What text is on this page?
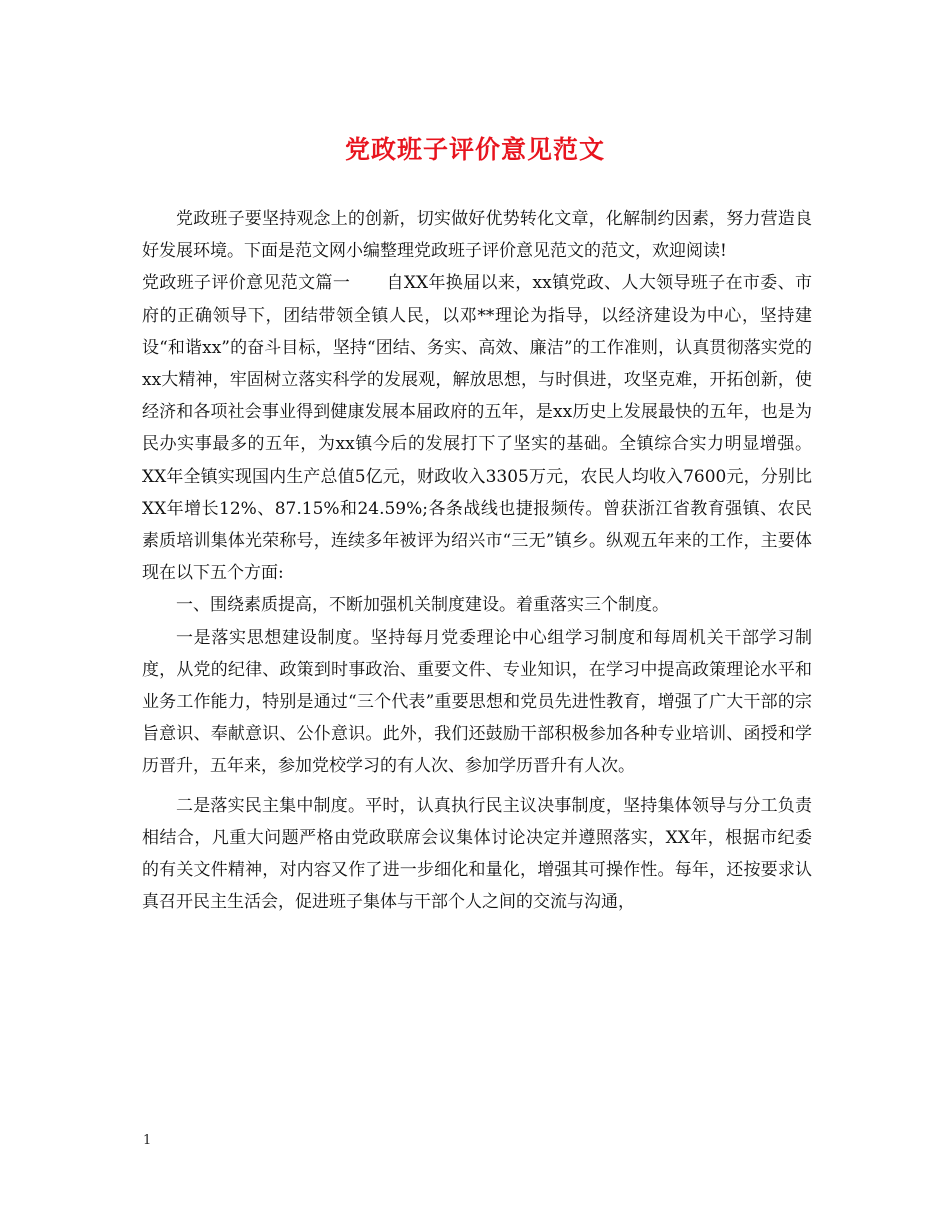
党政班子评价意见范文

党政班子要坚持观念上的创新，切实做好优势转化文章，化解制约因素，努力营造良好发展环境。下面是范文网小编整理党政班子评价意见范文的范文，欢迎阅读!

党政班子评价意见范文篇一 自XX年换届以来，xx镇党政、人大领导班子在市委、市府的正确领导下，团结带领全镇人民，以邓**理论为指导，以经济建设为中心，坚持建设“和谐xx”的奋斗目标，坚持“团结、务实、高效、廉洁”的工作准则，认真贯彻落实党的xx大精神，牢固树立落实科学的发展观，解放思想，与时俱进，攻坚克难，开拓创新，使经济和各项社会事业得到健康发展本届政府的五年，是xx历史上发展最快的五年，也是为民办实事最多的五年，为xx镇今后的发展打下了坚实的基础。全镇综合实力明显增强。XX年全镇实现国内生产总值5亿元，财政收入3305万元，农民人均收入7600元，分别比XX年增长12%、87.15%和24.59%;各条战线也捷报频传。曾获浙江省教育强镇、农民素质培训集体光荣称号，连续多年被评为绍兴市“三无”镇乡。纵观五年来的工作，主要体现在以下五个方面:

一、围绕素质提高，不断加强机关制度建设。着重落实三个制度。

一是落实思想建设制度。坚持每月党委理论中心组学习制度和每周机关干部学习制度，从党的纪律、政策到时事政治、重要文件、专业知识，在学习中提高政策理论水平和业务工作能力，特别是通过“三个代表”重要思想和党员先进性教育，增强了广大干部的宗旨意识、奉献意识、公仆意识。此外，我们还鼓励干部积极参加各种专业培训、函授和学历晋升，五年来，参加党校学习的有人次、参加学历晋升有人次。

二是落实民主集中制度。平时，认真执行民主议决事制度，坚持集体领导与分工负责相结合，凡重大问题严格由党政联席会议集体讨论决定并遵照落实，XX年，根据市纪委的有关文件精神，对内容又作了进一步细化和量化，增强其可操作性。每年，还按要求认真召开民主生活会，促进班子集体与干部个人之间的交流与沟通，

1
